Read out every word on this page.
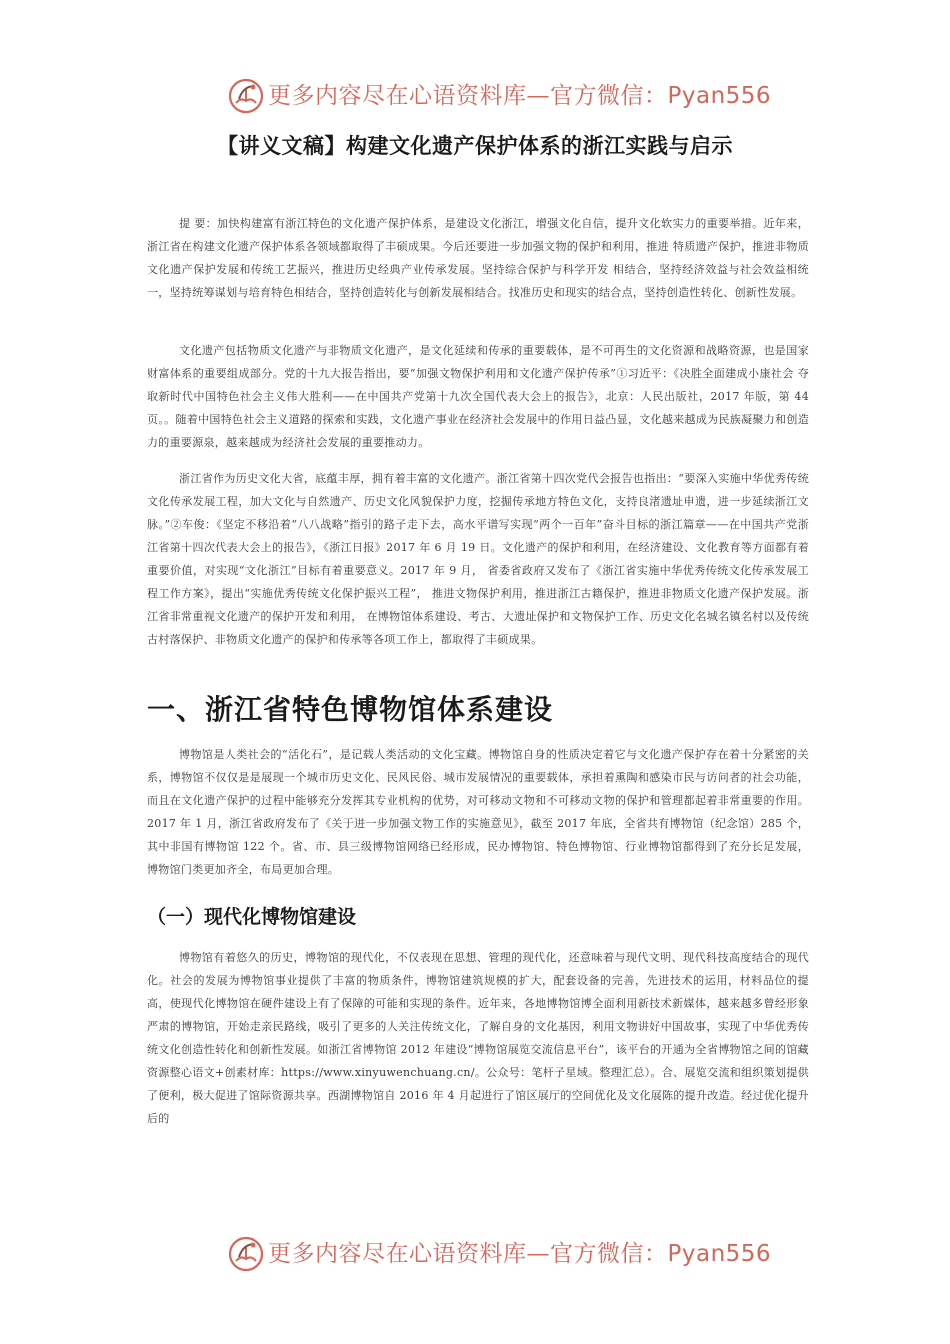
更多内容尽在心语资料库—官方微信：Pyan556
【讲义文稿】构建文化遗产保护体系的浙江实践与启示

提 要：加快构建富有浙江特色的文化遗产保护体系，是建设文化浙江，增强文化自信，提升文化软实力的重要举措。近年来，浙江省在构建文化遗产保护体系各领域都取得了丰硕成果。今后还要进一步加强文物的保护和利用，推进 特质遗产保护，推进非物质文化遗产保护发展和传统工艺振兴，推进历史经典产业传承发展。坚持综合保护与科学开发 相结合，坚持经济效益与社会效益相统一，坚持统筹谋划与培育特色相结合，坚持创造转化与创新发展相结合。找准历史和现实的结合点，坚持创造性转化、创新性发展。

文化遗产包括物质文化遗产与非物质文化遗产，是文化延续和传承的重要载体，是不可再生的文化资源和战略资源，也是国家财富体系的重要组成部分。党的十九大报告指出，要“加强文物保护利用和文化遗产保护传承”①习近平：《决胜全面建成小康社会 夺取新时代中国特色社会主义伟大胜利——在中国共产党第十九次全国代表大会上的报告》，北京：人民出版社，2017 年版，第 44 页。。随着中国特色社会主义道路的探索和实践，文化遗产事业在经济社会发展中的作用日益凸显，文化越来越成为民族凝聚力和创造力的重要源泉，越来越成为经济社会发展的重要推动力。

浙江省作为历史文化大省，底蕴丰厚，拥有着丰富的文化遗产。浙江省第十四次党代会报告也指出：“要深入实施中华优秀传统文化传承发展工程，加大文化与自然遗产、历史文化风貌保护力度，挖掘传承地方特色文化，支持良渚遗址申遗，进一步延续浙江文脉。”②车俊：《坚定不移沿着“八八战略”指引的路子走下去，高水平谱写实现“两个一百年”奋斗目标的浙江篇章——在中国共产党浙江省第十四次代表大会上的报告》，《浙江日报》2017 年 6 月 19 日。文化遗产的保护和利用，在经济建设、文化教育等方面都有着重要价值，对实现“文化浙江”目标有着重要意义。2017 年 9 月， 省委省政府又发布了《浙江省实施中华优秀传统文化传承发展工程工作方案》，提出“实施优秀传统文化保护振兴工程”， 推进文物保护利用，推进浙江古籍保护，推进非物质文化遗产保护发展。浙江省非常重视文化遗产的保护开发和利用， 在博物馆体系建设、考古、大遗址保护和文物保护工作、历史文化名城名镇名村以及传统古村落保护、非物质文化遗产的保护和传承等各项工作上，都取得了丰硕成果。

一、浙江省特色博物馆体系建设

博物馆是人类社会的“活化石”，是记载人类活动的文化宝藏。博物馆自身的性质决定着它与文化遗产保护存在着十分紧密的关系，博物馆不仅仅是是展现一个城市历史文化、民风民俗、城市发展情况的重要载体，承担着熏陶和感染市民与访问者的社会功能，而且在文化遗产保护的过程中能够充分发挥其专业机构的优势，对可移动文物和不可移动文物的保护和管理都起着非常重要的作用。2017 年 1 月，浙江省政府发布了《关于进一步加强文物工作的实施意见》，截至 2017 年底，全省共有博物馆（纪念馆）285 个，其中非国有博物馆 122 个。省、市、县三级博物馆网络已经形成，民办博物馆、特色博物馆、行业博物馆都得到了充分长足发展，博物馆门类更加齐全，布局更加合理。

（一）现代化博物馆建设

博物馆有着悠久的历史，博物馆的现代化，不仅表现在思想、管理的现代化，还意味着与现代文明、现代科技高度结合的现代化。社会的发展为博物馆事业提供了丰富的物质条件，博物馆建筑规模的扩大，配套设备的完善，先进技术的运用，材料品位的提高，使现代化博物馆在硬件建设上有了保障的可能和实现的条件。近年来，各地博物馆博全面利用新技术新媒体，越来越多曾经形象严肃的博物馆，开始走亲民路线，吸引了更多的人关注传统文化，了解自身的文化基因，利用文物讲好中国故事，实现了中华优秀传统文化创造性转化和创新性发展。如浙江省博物馆 2012 年建设“博物馆展览交流信息平台”，该平台的开通为全省博物馆之间的馆藏资源整心语文+创素材库：https://www.xinyuwenchuang.cn/。公众号：笔杆子星域。整理汇总）。合、展览交流和组织策划提供了便利，极大促进了馆际资源共享。西湖博物馆自 2016 年 4 月起进行了馆区展厅的空间优化及文化展陈的提升改造。经过优化提升后的

更多内容尽在心语资料库—官方微信：Pyan556
